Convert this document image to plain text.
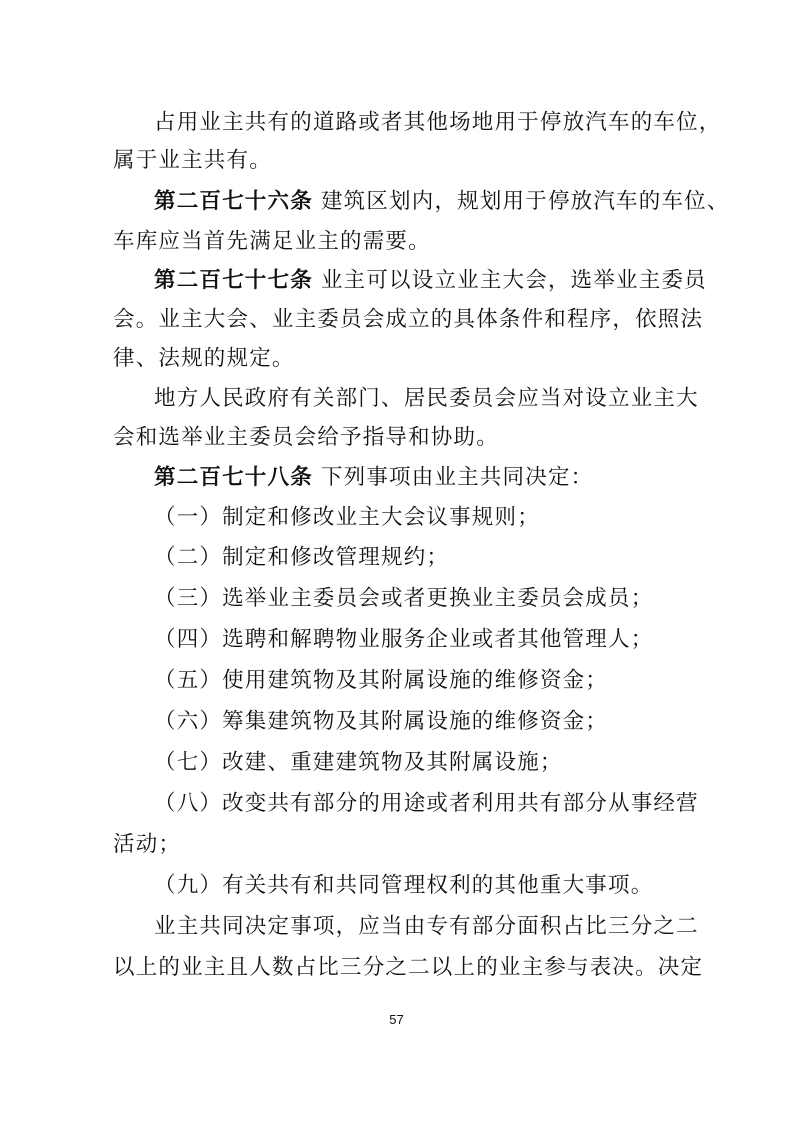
占用业主共有的道路或者其他场地用于停放汽车的车位，
属于业主共有。
第二百七十六条 建筑区划内，规划用于停放汽车的车位、
车库应当首先满足业主的需要。
第二百七十七条 业主可以设立业主大会，选举业主委员
会。业主大会、业主委员会成立的具体条件和程序，依照法
律、法规的规定。
地方人民政府有关部门、居民委员会应当对设立业主大
会和选举业主委员会给予指导和协助。
第二百七十八条 下列事项由业主共同决定：
（一）制定和修改业主大会议事规则；
（二）制定和修改管理规约；
（三）选举业主委员会或者更换业主委员会成员；
（四）选聘和解聘物业服务企业或者其他管理人；
（五）使用建筑物及其附属设施的维修资金；
（六）筹集建筑物及其附属设施的维修资金；
（七）改建、重建建筑物及其附属设施；
（八）改变共有部分的用途或者利用共有部分从事经营
活动；
（九）有关共有和共同管理权利的其他重大事项。
业主共同决定事项，应当由专有部分面积占比三分之二
以上的业主且人数占比三分之二以上的业主参与表决。决定
57
